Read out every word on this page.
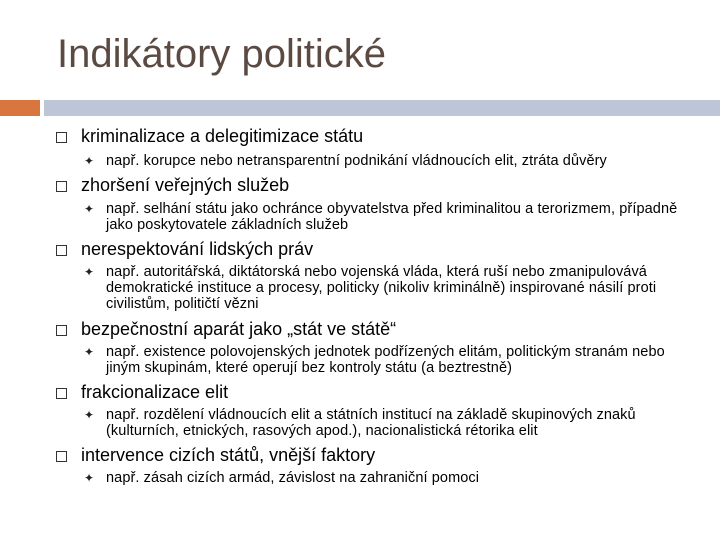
Indikátory politické
kriminalizace a delegitimizace státu
✦ např. korupce nebo netransparentní podnikání vládnoucích elit, ztráta důvěry
zhoršení veřejných služeb
✦ např. selhání státu jako ochránce obyvatelstva před kriminalitou a terorizmem, případně jako poskytovatele základních služeb
nerespektování lidských práv
✦ např. autoritářská, diktátorská nebo vojenská vláda, která ruší nebo zmanipulovává demokratické instituce a procesy, politicky (nikoliv kriminálně) inspirované násilí proti civilistům, političtí vězni
bezpečnostní aparát jako „stát ve státě“
✦ např. existence polovojenských jednotek podřízených elitám, politickým stranám nebo jiným skupinám, které operují bez kontroly státu (a beztrestně)
frakcionalizace elit
✦ např. rozdělení vládnoucích elit a státních institucí na základě skupinových znaků (kulturních, etnických, rasových apod.), nacionalistická rétorika elit
intervence cizích států, vnější faktory
✦ např. zásah cizích armád, závislost na zahraniční pomoci
